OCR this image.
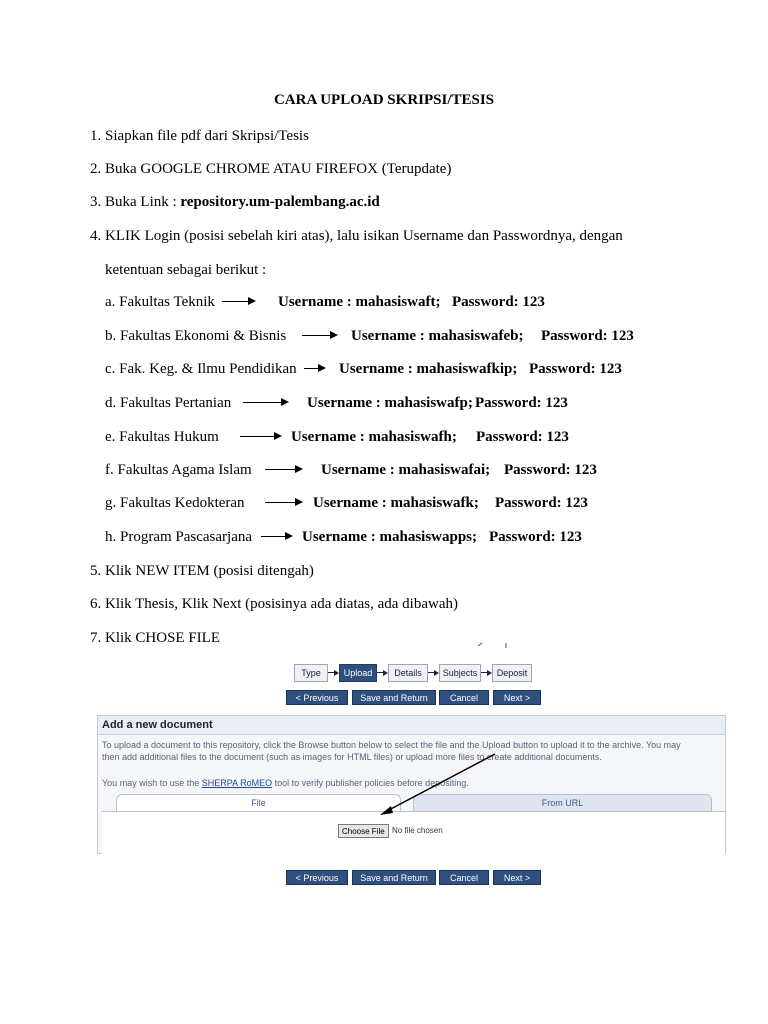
CARA UPLOAD SKRIPSI/TESIS
1. Siapkan file pdf dari Skripsi/Tesis
2. Buka GOOGLE CHROME ATAU FIREFOX (Terupdate)
3. Buka Link : repository.um-palembang.ac.id
4. KLIK Login (posisi sebelah kiri atas), lalu isikan Username dan Passwordnya, dengan
ketentuan sebagai berikut :
a. Fakultas Teknik	Username : mahasiswaft; Password: 123
b. Fakultas Ekonomi & Bisnis	Username : mahasiswafeb; Password: 123
c. Fak. Keg. & Ilmu Pendidikan	Username : mahasiswafkip; Password: 123
d. Fakultas Pertanian	Username : mahasiswafp; Password: 123
e. Fakultas Hukum	Username : mahasiswafh; Password: 123
f. Fakultas Agama Islam	Username : mahasiswafai; Password: 123
g. Fakultas Kedokteran	Username : mahasiswafk; Password: 123
h. Program Pascasarjana	Username : mahasiswapps; Password: 123
5. Klik NEW ITEM (posisi ditengah)
6. Klik Thesis, Klik Next (posisinya ada diatas, ada dibawah)
7. Klik CHOSE FILE
Type	Upload	Details	Subjects	Deposit
< Previous	Save and Return	Cancel	Next >
Add a new document
To upload a document to this repository, click the Browse button below to select the file and the Upload button to upload it to the archive. You may
then add additional files to the document (such as images for HTML files) or upload more files to create additional documents.
You may wish to use the SHERPA RoMEO tool to verify publisher policies before depositing.
File	From URL
Choose File No file chosen
< Previous	Save and Return	Cancel	Next >
